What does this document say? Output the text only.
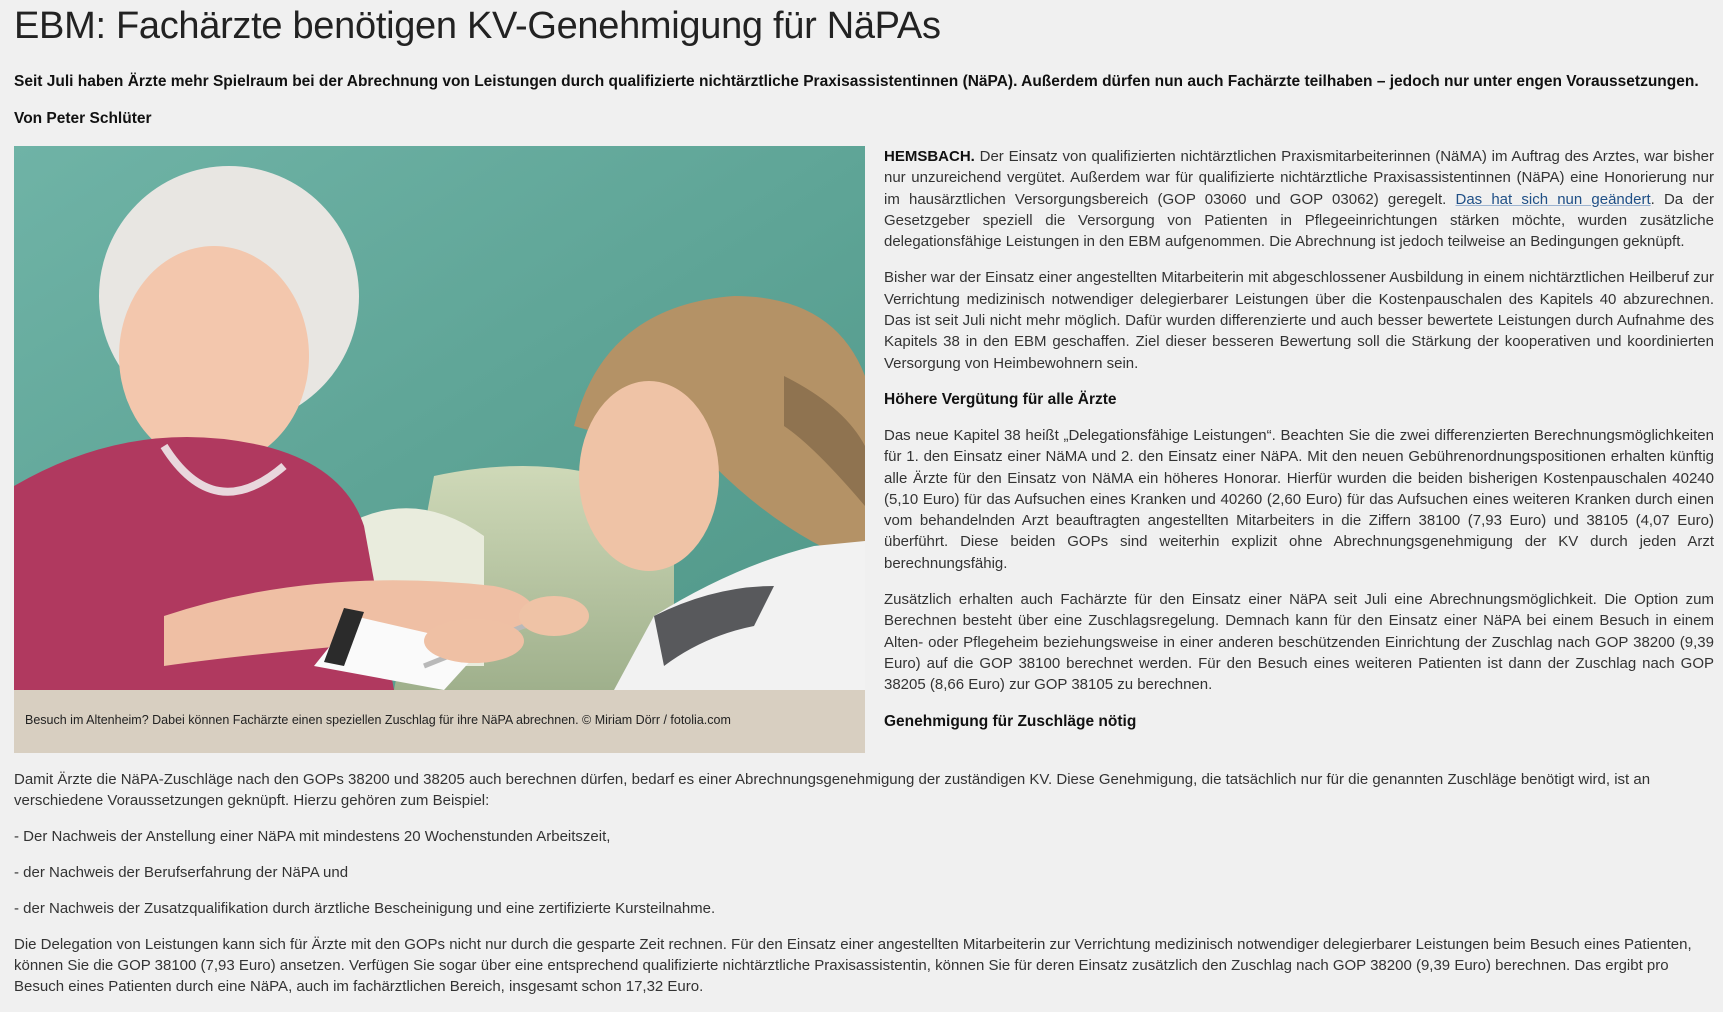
EBM: Fachärzte benötigen KV-Genehmigung für NäPAs

Seit Juli haben Ärzte mehr Spielraum bei der Abrechnung von Leistungen durch qualifizierte nichtärztliche Praxisassistentinnen (NäPA). Außerdem dürfen nun auch Fachärzte teilhaben – jedoch nur unter engen Voraussetzungen.

Von Peter Schlüter

Besuch im Altenheim? Dabei können Fachärzte einen speziellen Zuschlag für ihre NäPA abrechnen. © Miriam Dörr / fotolia.com

HEMSBACH. Der Einsatz von qualifizierten nichtärztlichen Praxismitarbeiterinnen (NäMA) im Auftrag des Arztes, war bisher nur unzureichend vergütet. Außerdem war für qualifizierte nichtärztliche Praxisassistentinnen (NäPA) eine Honorierung nur im hausärztlichen Versorgungsbereich (GOP 03060 und GOP 03062) geregelt. Das hat sich nun geändert. Da der Gesetzgeber speziell die Versorgung von Patienten in Pflegeeinrichtungen stärken möchte, wurden zusätzliche delegationsfähige Leistungen in den EBM aufgenommen. Die Abrechnung ist jedoch teilweise an Bedingungen geknüpft.

Bisher war der Einsatz einer angestellten Mitarbeiterin mit abgeschlossener Ausbildung in einem nichtärztlichen Heilberuf zur Verrichtung medizinisch notwendiger delegierbarer Leistungen über die Kostenpauschalen des Kapitels 40 abzurechnen. Das ist seit Juli nicht mehr möglich. Dafür wurden differenzierte und auch besser bewertete Leistungen durch Aufnahme des Kapitels 38 in den EBM geschaffen. Ziel dieser besseren Bewertung soll die Stärkung der kooperativen und koordinierten Versorgung von Heimbewohnern sein.

Höhere Vergütung für alle Ärzte

Das neue Kapitel 38 heißt „Delegationsfähige Leistungen“. Beachten Sie die zwei differenzierten Berechnungsmöglichkeiten für 1. den Einsatz einer NäMA und 2. den Einsatz einer NäPA. Mit den neuen Gebührenordnungspositionen erhalten künftig alle Ärzte für den Einsatz von NäMA ein höheres Honorar. Hierfür wurden die beiden bisherigen Kostenpauschalen 40240 (5,10 Euro) für das Aufsuchen eines Kranken und 40260 (2,60 Euro) für das Aufsuchen eines weiteren Kranken durch einen vom behandelnden Arzt beauftragten angestellten Mitarbeiters in die Ziffern 38100 (7,93 Euro) und 38105 (4,07 Euro) überführt. Diese beiden GOPs sind weiterhin explizit ohne Abrechnungsgenehmigung der KV durch jeden Arzt berechnungsfähig.

Zusätzlich erhalten auch Fachärzte für den Einsatz einer NäPA seit Juli eine Abrechnungsmöglichkeit. Die Option zum Berechnen besteht über eine Zuschlagsregelung. Demnach kann für den Einsatz einer NäPA bei einem Besuch in einem Alten- oder Pflegeheim beziehungsweise in einer anderen beschützenden Einrichtung der Zuschlag nach GOP 38200 (9,39 Euro) auf die GOP 38100 berechnet werden. Für den Besuch eines weiteren Patienten ist dann der Zuschlag nach GOP 38205 (8,66 Euro) zur GOP 38105 zu berechnen.

Genehmigung für Zuschläge nötig

Damit Ärzte die NäPA-Zuschläge nach den GOPs 38200 und 38205 auch berechnen dürfen, bedarf es einer Abrechnungsgenehmigung der zuständigen KV. Diese Genehmigung, die tatsächlich nur für die genannten Zuschläge benötigt wird, ist an verschiedene Voraussetzungen geknüpft. Hierzu gehören zum Beispiel:

- Der Nachweis der Anstellung einer NäPA mit mindestens 20 Wochenstunden Arbeitszeit,

- der Nachweis der Berufserfahrung der NäPA und

- der Nachweis der Zusatzqualifikation durch ärztliche Bescheinigung und eine zertifizierte Kursteilnahme.

Die Delegation von Leistungen kann sich für Ärzte mit den GOPs nicht nur durch die gesparte Zeit rechnen. Für den Einsatz einer angestellten Mitarbeiterin zur Verrichtung medizinisch notwendiger delegierbarer Leistungen beim Besuch eines Patienten, können Sie die GOP 38100 (7,93 Euro) ansetzen. Verfügen Sie sogar über eine entsprechend qualifizierte nichtärztliche Praxisassistentin, können Sie für deren Einsatz zusätzlich den Zuschlag nach GOP 38200 (9,39 Euro) berechnen. Das ergibt pro Besuch eines Patienten durch eine NäPA, auch im fachärztlichen Bereich, insgesamt schon 17,32 Euro.
